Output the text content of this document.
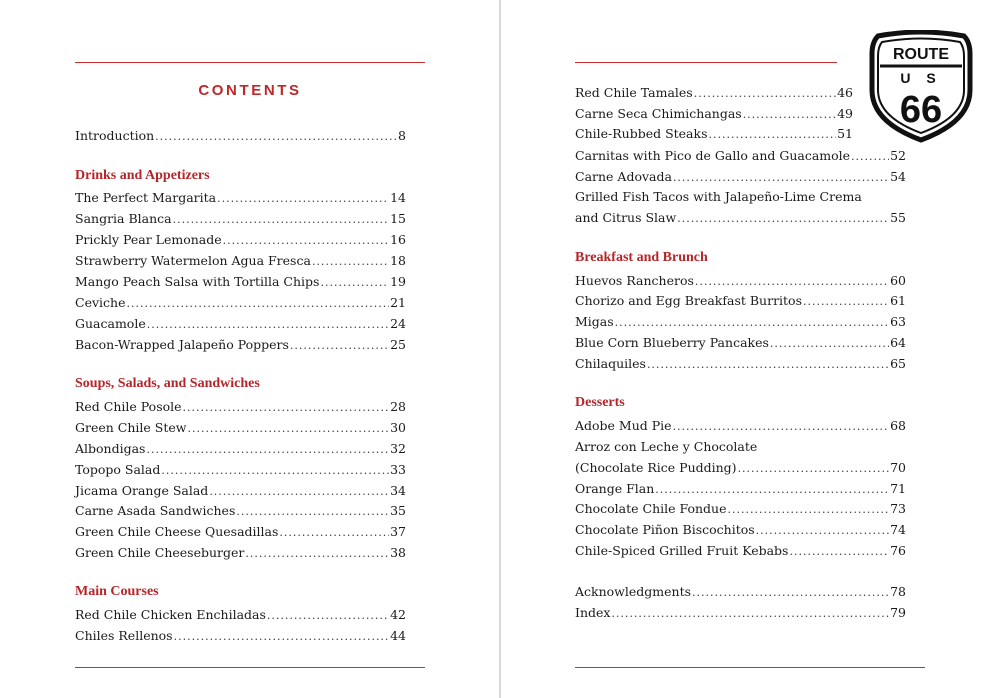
CONTENTS
Introduction .....	8
Drinks and Appetizers
The Perfect Margarita .....	14
Sangria Blanca .....	15
Prickly Pear Lemonade .....	16
Strawberry Watermelon Agua Fresca .....	18
Mango Peach Salsa with Tortilla Chips .....	19
Ceviche .....	21
Guacamole .....	24
Bacon-Wrapped Jalapeño Poppers .....	25
Soups, Salads, and Sandwiches
Red Chile Posole .....	28
Green Chile Stew .....	30
Albondigas .....	32
Topopo Salad .....	33
Jicama Orange Salad .....	34
Carne Asada Sandwiches .....	35
Green Chile Cheese Quesadillas .....	37
Green Chile Cheeseburger .....	38
Main Courses
Red Chile Chicken Enchiladas .....	42
Chiles Rellenos .....	44
ROUTE
U S
66
Red Chile Tamales .....	46
Carne Seca Chimichangas .....	49
Chile-Rubbed Steaks .....	51
Carnitas with Pico de Gallo and Guacamole .....	52
Carne Adovada .....	54
Grilled Fish Tacos with Jalapeño-Lime Crema
and Citrus Slaw .....	55
Breakfast and Brunch
Huevos Rancheros .....	60
Chorizo and Egg Breakfast Burritos .....	61
Migas .....	63
Blue Corn Blueberry Pancakes .....	64
Chilaquiles .....	65
Desserts
Adobe Mud Pie .....	68
Arroz con Leche y Chocolate
(Chocolate Rice Pudding) .....	70
Orange Flan .....	71
Chocolate Chile Fondue .....	73
Chocolate Piñon Biscochitos .....	74
Chile-Spiced Grilled Fruit Kebabs .....	76
Acknowledgments .....	78
Index .....	79
